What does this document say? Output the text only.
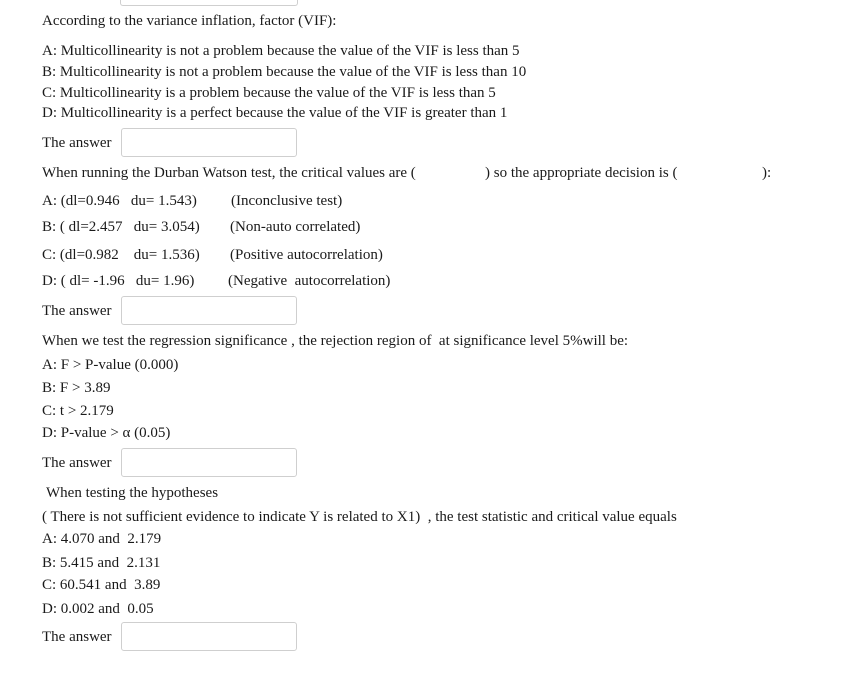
According to the variance inflation, factor (VIF):
A: Multicollinearity is not a problem because the value of the VIF is less than 5
B: Multicollinearity is not a problem because the value of the VIF is less than 10
C: Multicollinearity is a problem because the value of the VIF is less than 5
D: Multicollinearity is a perfect because the value of the VIF is greater than 1
The answer
When running the Durban Watson test, the critical values are (	) so the appropriate decision is (	):
A: (dl=0.946   du= 1.543) (Inconclusive test)
B: ( dl=2.457   du= 3.054) (Non-auto correlated)
C: (dl=0.982    du= 1.536) (Positive autocorrelation)
D: ( dl= -1.96   du= 1.96) (Negative  autocorrelation)
The answer
When we test the regression significance , the rejection region of  at significance level 5%will be:
A: F > P-value (0.000)
B: F > 3.89
C: t > 2.179
D: P-value > α (0.05)
The answer
When testing the hypotheses
( There is not sufficient evidence to indicate Y is related to X1)  , the test statistic and critical value equals
A: 4.070 and  2.179
B: 5.415 and  2.131
C: 60.541 and  3.89
D: 0.002 and  0.05
The answer
